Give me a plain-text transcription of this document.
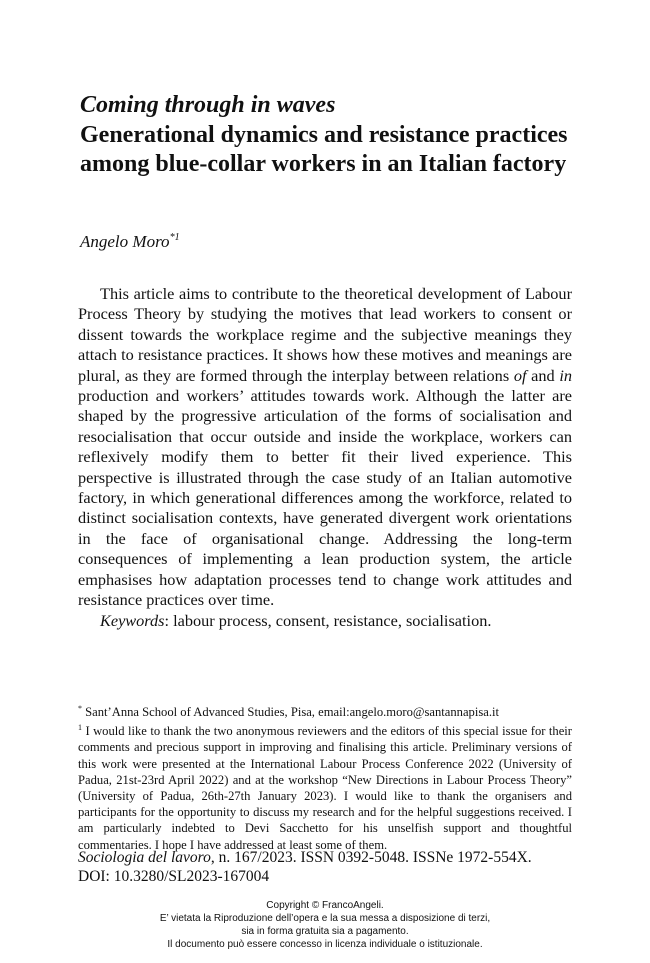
Coming through in waves
Generational dynamics and resistance practices among blue-collar workers in an Italian factory
Angelo Moro$^{*1}$

This article aims to contribute to the theoretical development of Labour Process Theory by studying the motives that lead workers to consent or dissent towards the workplace regime and the subjective meanings they attach to resistance practices. It shows how these motives and meanings are plural, as they are formed through the interplay between relations of and in production and workers’ attitudes towards work. Although the latter are shaped by the progressive articulation of the forms of socialisation and resocialisation that occur outside and inside the workplace, workers can reflexively modify them to better fit their lived experience. This perspective is illustrated through the case study of an Italian automotive factory, in which generational differences among the workforce, related to distinct socialisation contexts, have generated divergent work orientations in the face of organisational change. Addressing the long-term consequences of implementing a lean production system, the article emphasises how adaptation processes tend to change work attitudes and resistance practices over time.

Keywords: labour process, consent, resistance, socialisation.

* Sant’Anna School of Advanced Studies, Pisa, email:angelo.moro@santannapisa.it

$^1$ I would like to thank the two anonymous reviewers and the editors of this special issue for their comments and precious support in improving and finalising this article. Preliminary versions of this work were presented at the International Labour Process Conference 2022 (University of Padua, 21st-23rd April 2022) and at the workshop “New Directions in Labour Process Theory” (University of Padua, 26th-27th January 2023). I would like to thank the organisers and participants for the opportunity to discuss my research and for the helpful suggestions received. I am particularly indebted to Devi Sacchetto for his unselfish support and thoughtful commentaries. I hope I have addressed at least some of them.

Sociologia del lavoro, n. 167/2023. ISSN 0392-5048. ISSNe 1972-554X.

DOI: 10.3280/SL2023-167004

Copyright © FrancoAngeli.

E’ vietata la Riproduzione dell’opera e la sua messa a disposizione di terzi,

sia in forma gratuita sia a pagamento.

Il documento può essere concesso in licenza individuale o istituzionale.
